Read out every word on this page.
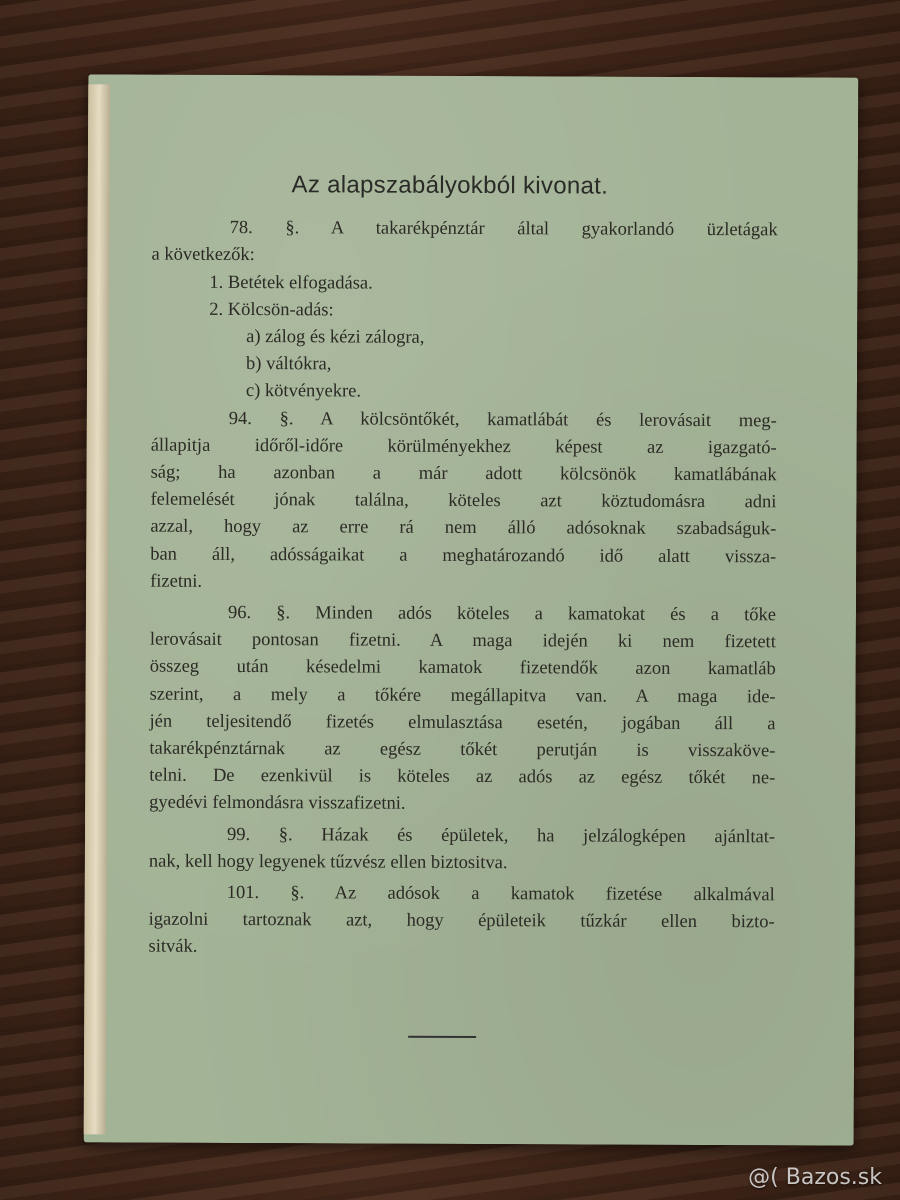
Az alapszabályokból kivonat.
78. §. A takarékpénztár által gyakorlandó üzletágak
a következők:
1. Betétek elfogadása.
2. Kölcsön-adás:
a) zálog és kézi zálogra,
b) váltókra,
c) kötvényekre.
94. §. A kölcsöntőkét, kamatlábát és lerovásait meg-
állapitja időről-időre körülményekhez képest az igazgató-
ság; ha azonban a már adott kölcsönök kamatlábának
felemelését jónak találna, köteles azt köztudomásra adni
azzal, hogy az erre rá nem álló adósoknak szabadságuk-
ban áll, adósságaikat a meghatározandó idő alatt vissza-
fizetni.
96. §. Minden adós köteles a kamatokat és a tőke
lerovásait pontosan fizetni. A maga idején ki nem fizetett
összeg után késedelmi kamatok fizetendők azon kamatláb
szerint, a mely a tőkére megállapitva van. A maga ide-
jén teljesitendő fizetés elmulasztása esetén, jogában áll a
takarékpénztárnak az egész tőkét perutján is visszaköve-
telni. De ezenkivül is köteles az adós az egész tőkét ne-
gyedévi felmondásra visszafizetni.
99. §. Házak és épületek, ha jelzálogképen ajánltat-
nak, kell hogy legyenek tűzvész ellen biztositva.
101. §. Az adósok a kamatok fizetése alkalmával
igazolni tartoznak azt, hogy épületeik tűzkár ellen bizto-
sitvák.
@( Bazos.sk
